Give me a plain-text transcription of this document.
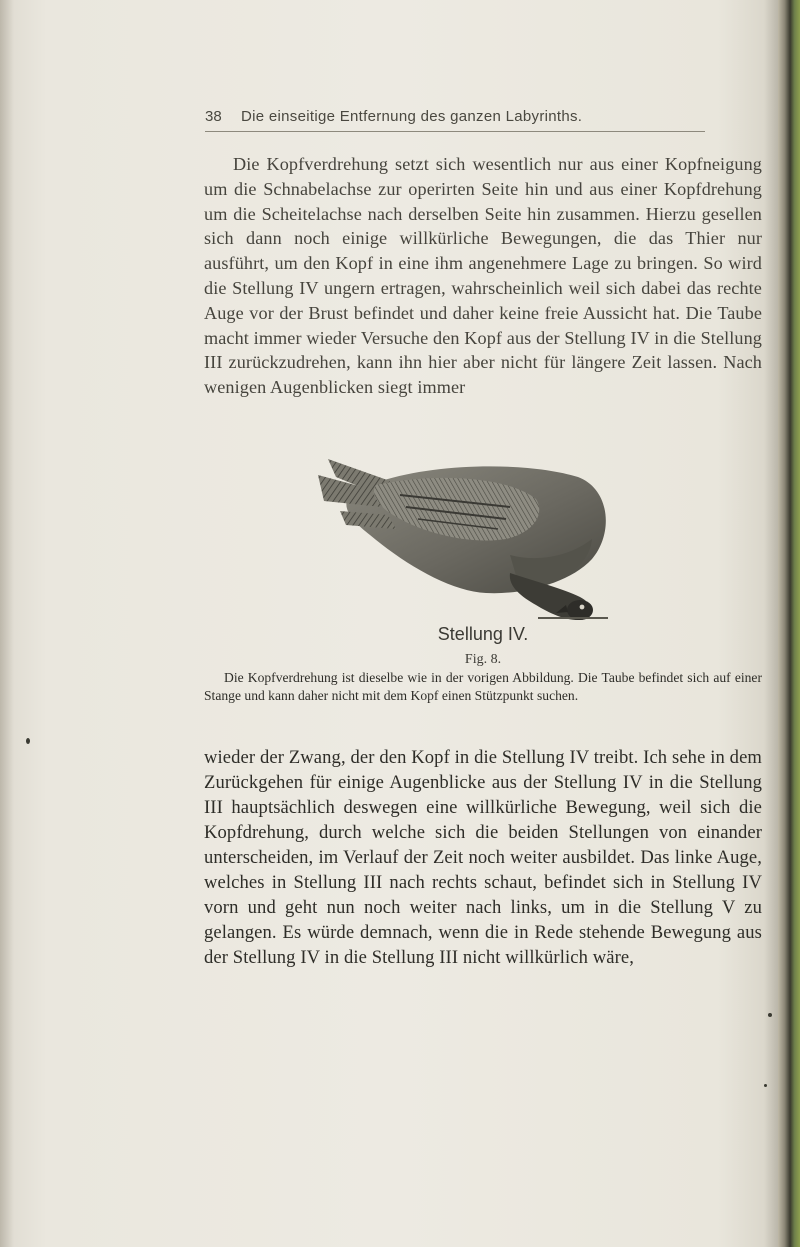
38 Die einseitige Entfernung des ganzen Labyrinths.

Die Kopfverdrehung setzt sich wesentlich nur aus einer Kopfneigung um die Schnabelachse zur operirten Seite hin und aus einer Kopfdrehung um die Scheitelachse nach derselben Seite hin zusammen. Hierzu gesellen sich dann noch einige willkürliche Bewegungen, die das Thier nur ausführt, um den Kopf in eine ihm angenehmere Lage zu bringen. So wird die Stellung IV ungern ertragen, wahrscheinlich weil sich dabei das rechte Auge vor der Brust befindet und daher keine freie Aussicht hat. Die Taube macht immer wieder Versuche den Kopf aus der Stellung IV in die Stellung III zurückzudrehen, kann ihn hier aber nicht für längere Zeit lassen. Nach wenigen Augenblicken siegt immer

Stellung IV.
Fig. 8.

Die Kopfverdrehung ist dieselbe wie in der vorigen Abbildung. Die Taube befindet sich auf einer Stange und kann daher nicht mit dem Kopf einen Stützpunkt suchen.

wieder der Zwang, der den Kopf in die Stellung IV treibt. Ich sehe in dem Zurückgehen für einige Augenblicke aus der Stellung IV in die Stellung III hauptsächlich deswegen eine willkürliche Bewegung, weil sich die Kopfdrehung, durch welche sich die beiden Stellungen von einander unterscheiden, im Verlauf der Zeit noch weiter ausbildet. Das linke Auge, welches in Stellung III nach rechts schaut, befindet sich in Stellung IV vorn und geht nun noch weiter nach links, um in die Stellung V zu gelangen. Es würde demnach, wenn die in Rede stehende Bewegung aus der Stellung IV in die Stellung III nicht willkürlich wäre,
